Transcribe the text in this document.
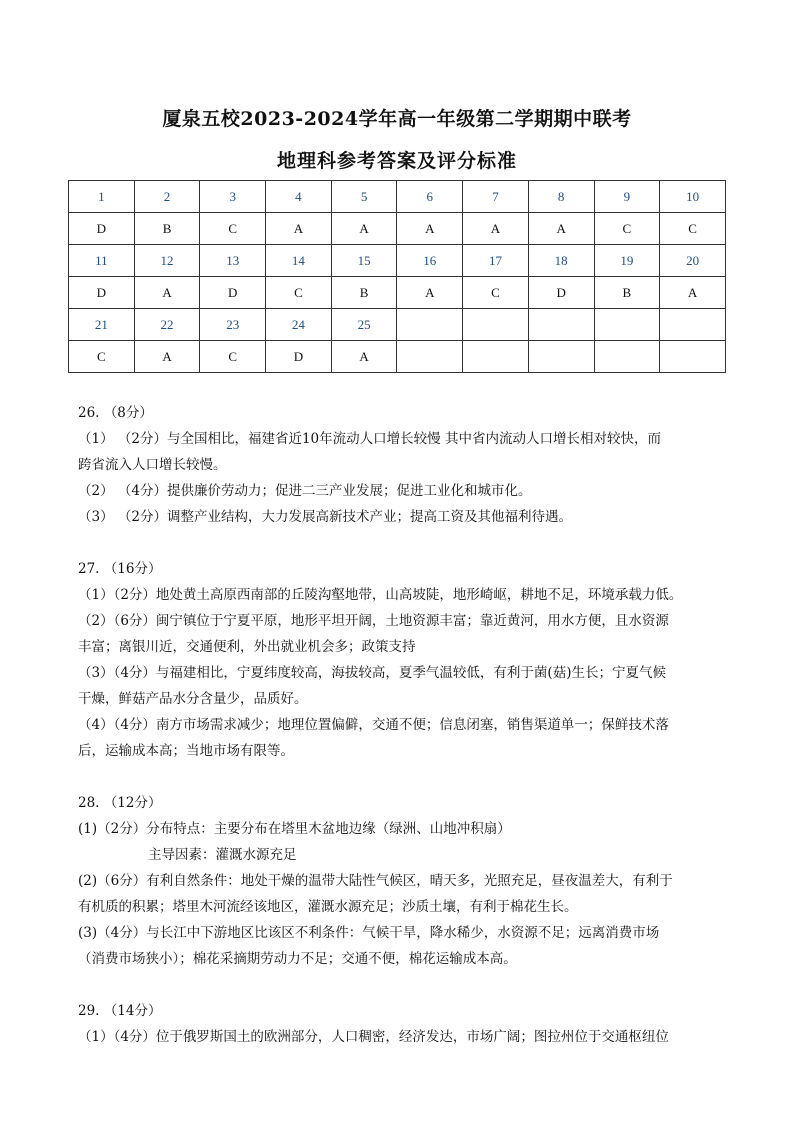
厦泉五校2023-2024学年高一年级第二学期期中联考
地理科参考答案及评分标准
1	2	3	4	5	6	7	8	9	10
D	B	C	A	A	A	A	A	C	C
11	12	13	14	15	16	17	18	19	20
D	A	D	C	B	A	C	D	B	A
21	22	23	24	25					
C	A	C	D	A					

26. （8分）

（1） （2分）与全国相比，福建省近10年流动人口增长较慢 其中省内流动人口增长相对较快，而

跨省流入人口增长较慢。

（2） （4分）提供廉价劳动力；促进二三产业发展；促进工业化和城市化。

（3） （2分）调整产业结构，大力发展高新技术产业；提高工资及其他福利待遇。

27. （16分）

（1）（2分）地处黄土高原西南部的丘陵沟壑地带，山高坡陡，地形崎岖，耕地不足，环境承载力低。

（2）（6分）闽宁镇位于宁夏平原，地形平坦开阔，土地资源丰富；靠近黄河，用水方便，且水资源

丰富；离银川近，交通便利，外出就业机会多；政策支持

（3）（4分）与福建相比，宁夏纬度较高，海拔较高，夏季气温较低，有利于菌(菇)生长；宁夏气候

干燥，鲜菇产品水分含量少，品质好。

（4）（4分）南方市场需求减少；地理位置偏僻，交通不便；信息闭塞，销售渠道单一；保鲜技术落

后，运输成本高；当地市场有限等。

28. （12分）

(1)（2分）分布特点：主要分布在塔里木盆地边缘（绿洲、山地冲积扇）

主导因素：灌溉水源充足

(2)（6分）有利自然条件：地处干燥的温带大陆性气候区，晴天多，光照充足，昼夜温差大，有利于

有机质的积累；塔里木河流经该地区，灌溉水源充足；沙质土壤，有利于棉花生长。

(3)（4分）与长江中下游地区比该区不利条件：气候干旱，降水稀少，水资源不足；远离消费市场

（消费市场狭小）；棉花采摘期劳动力不足；交通不便，棉花运输成本高。

29. （14分）

（1）（4分）位于俄罗斯国土的欧洲部分，人口稠密，经济发达，市场广阔；图拉州位于交通枢纽位
